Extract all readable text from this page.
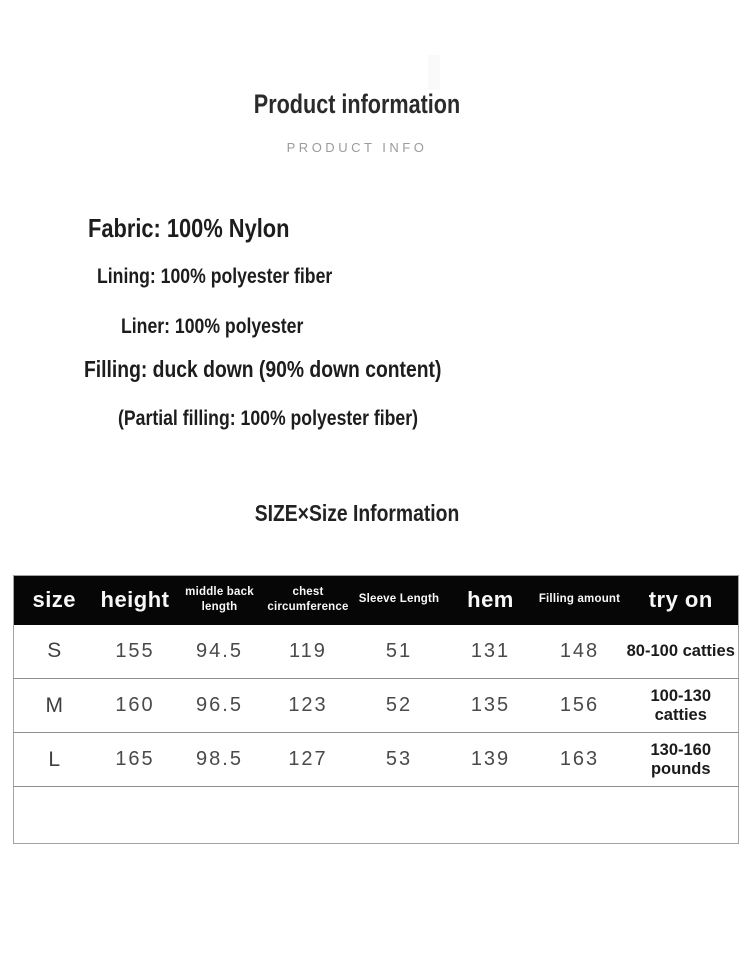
Product information
PRODUCT INFO
Fabric: 100% Nylon
Lining: 100% polyester fiber
Liner: 100% polyester
Filling: duck down (90% down content)
(Partial filling: 100% polyester fiber)
SIZE×Size Information
size	height	middle back length	chest circumference	Sleeve Length	hem	Filling amount	try on
S	155	94.5	119	51	131	148	80-100 catties
M	160	96.5	123	52	135	156	100-130 catties
L	165	98.5	127	53	139	163	130-160 pounds
